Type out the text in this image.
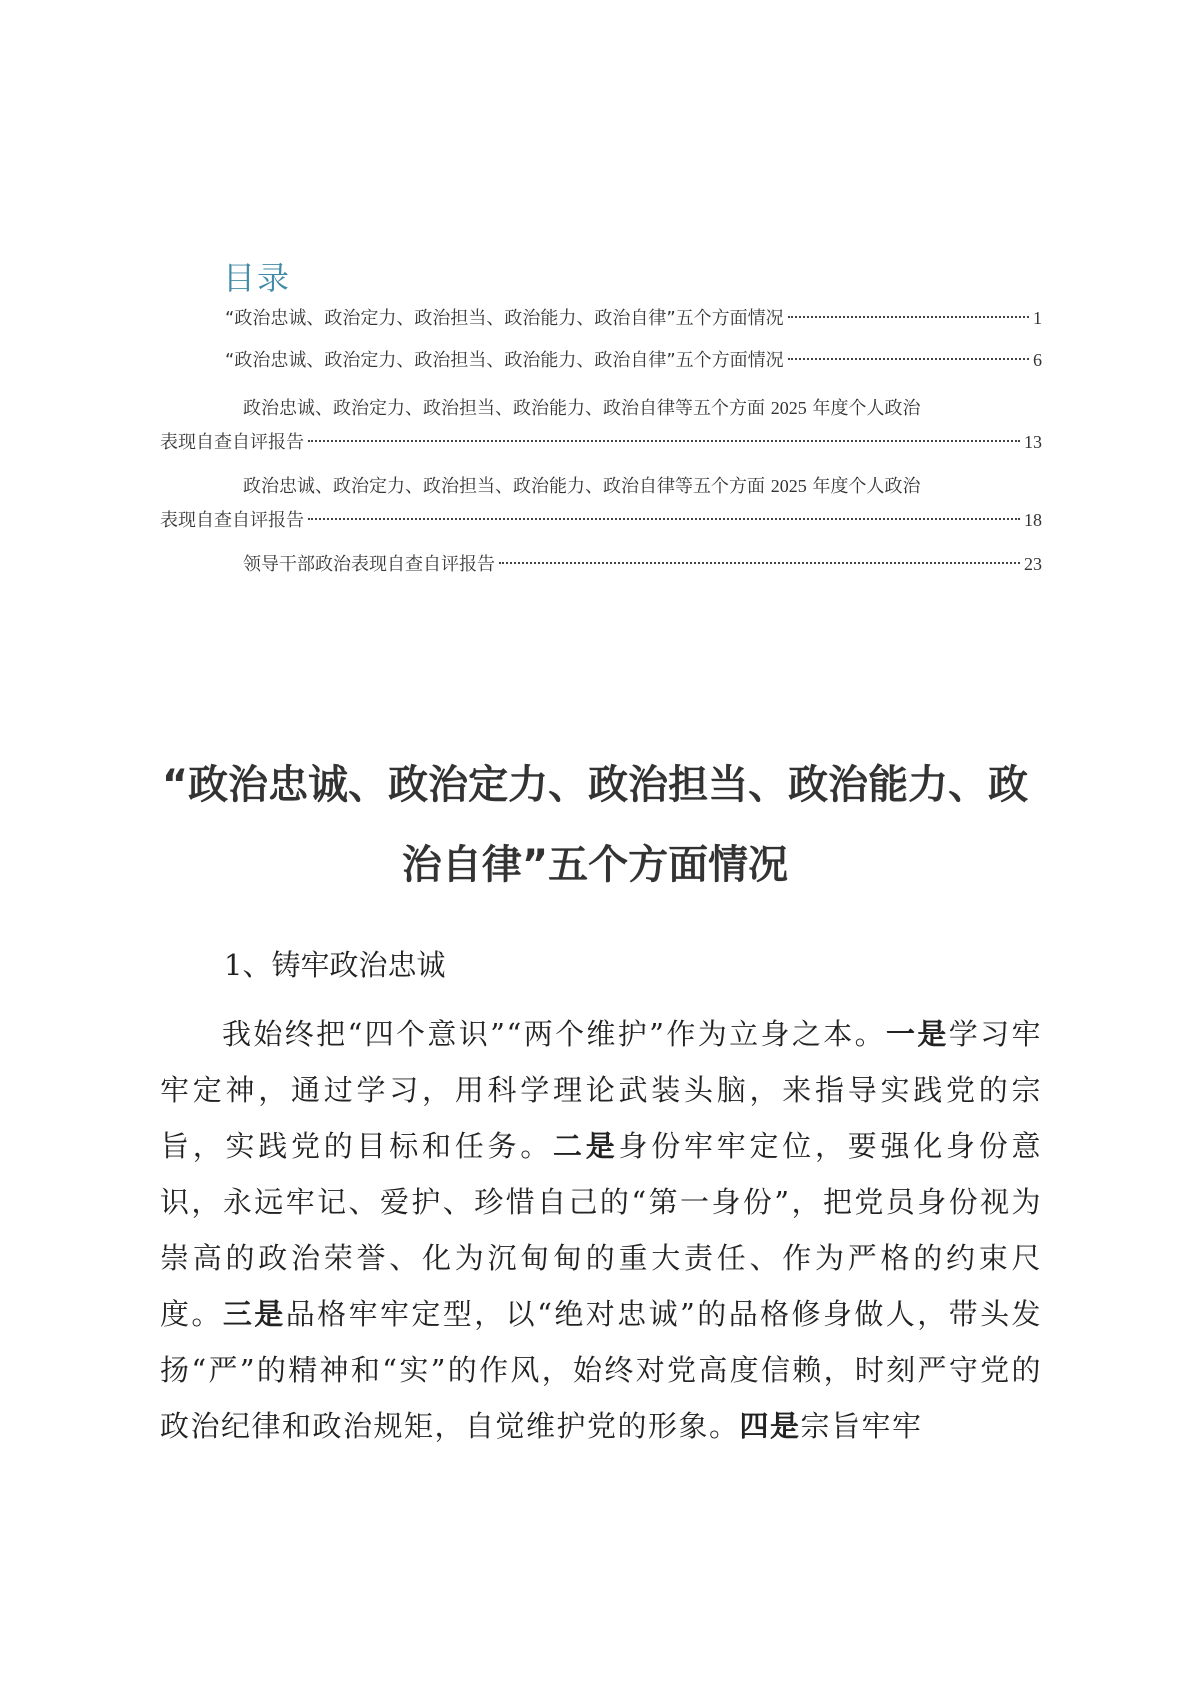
目录
“政治忠诚、政治定力、政治担当、政治能力、政治自律”五个方面情况	1
“政治忠诚、政治定力、政治担当、政治能力、政治自律”五个方面情况	6
政治忠诚、政治定力、政治担当、政治能力、政治自律等五个方面 2025 年度个人政治
表现自查自评报告	13
政治忠诚、政治定力、政治担当、政治能力、政治自律等五个方面 2025 年度个人政治
表现自查自评报告	18
领导干部政治表现自查自评报告	23
“政治忠诚、政治定力、政治担当、政治能力、政
治自律”五个方面情况
1、铸牢政治忠诚
我始终把“四个意识”“两个维护”作为立身之本。一是学习牢牢定神，通过学习，用科学理论武装头脑，来指导实践党的宗旨，实践党的目标和任务。二是身份牢牢定位，要强化身份意识，永远牢记、爱护、珍惜自己的“第一身份”，把党员身份视为崇高的政治荣誉、化为沉甸甸的重大责任、作为严格的约束尺度。三是品格牢牢定型，以“绝对忠诚”的品格修身做人，带头发扬“严”的精神和“实”的作风，始终对党高度信赖，时刻严守党的政治纪律和政治规矩，自觉维护党的形象。四是宗旨牢牢
